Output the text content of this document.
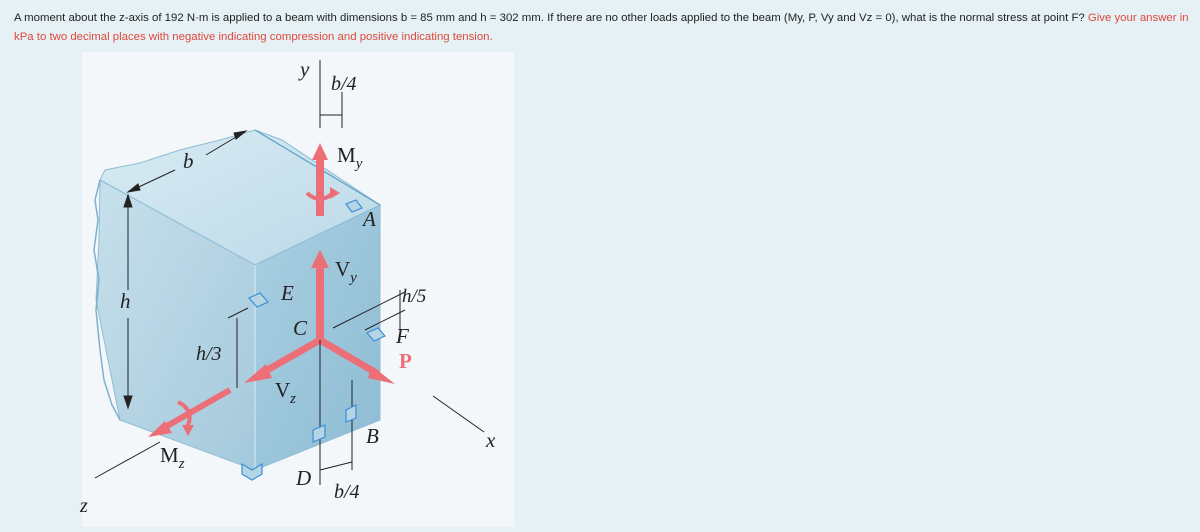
A moment about the z-axis of 192 N·m is applied to a beam with dimensions b = 85 mm and h = 302 mm. If there are no other loads applied to the beam (My, P, Vy and Vz = 0), what is the normal stress at point F? Give your answer in kPa to two decimal places with negative indicating compression and positive indicating tension.
b
h
h/3
y
x
z
b/4
$M_y$
A
$V_y$
E
C
h/5
F
P
$V_z$
$M_z$
B
D
b/4
